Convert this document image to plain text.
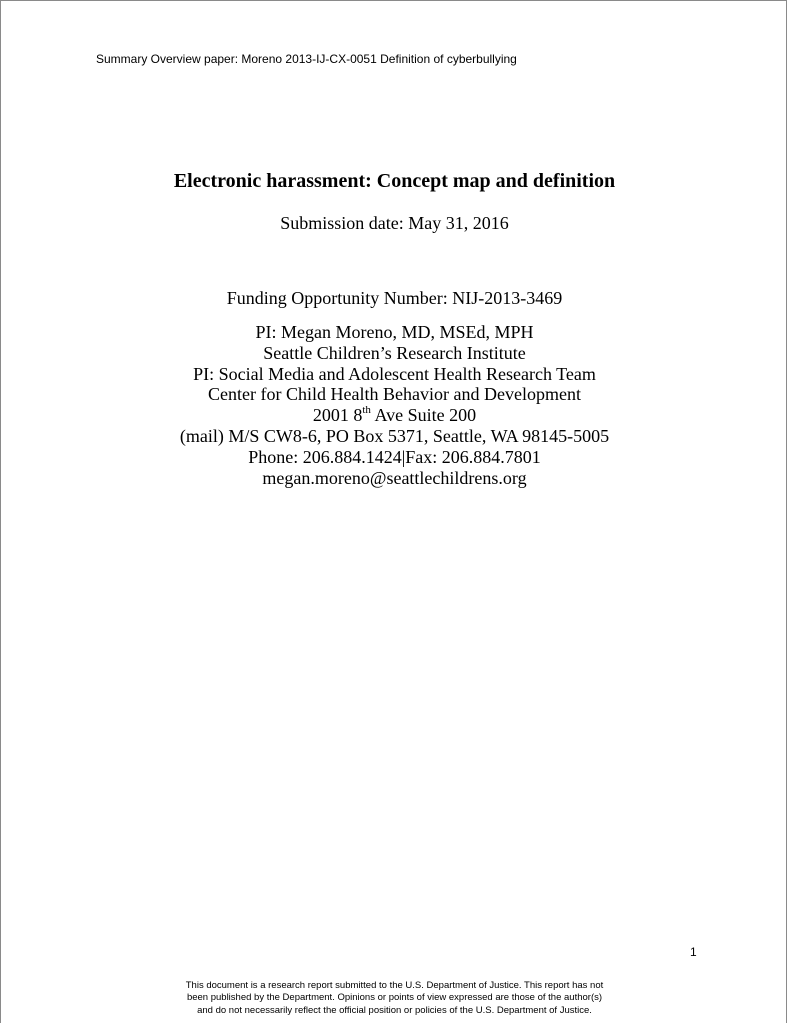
Summary Overview paper: Moreno 2013-IJ-CX-0051 Definition of cyberbullying
Electronic harassment: Concept map and definition
Submission date: May 31, 2016
Funding Opportunity Number: NIJ-2013-3469
PI: Megan Moreno, MD, MSEd, MPH
Seattle Children’s Research Institute
PI: Social Media and Adolescent Health Research Team
Center for Child Health Behavior and Development
2001 8th Ave Suite 200
(mail) M/S CW8-6, PO Box 5371, Seattle, WA 98145-5005
Phone: 206.884.1424|Fax: 206.884.7801
megan.moreno@seattlechildrens.org
1
This document is a research report submitted to the U.S. Department of Justice. This report has not
been published by the Department. Opinions or points of view expressed are those of the author(s)
and do not necessarily reflect the official position or policies of the U.S. Department of Justice.
